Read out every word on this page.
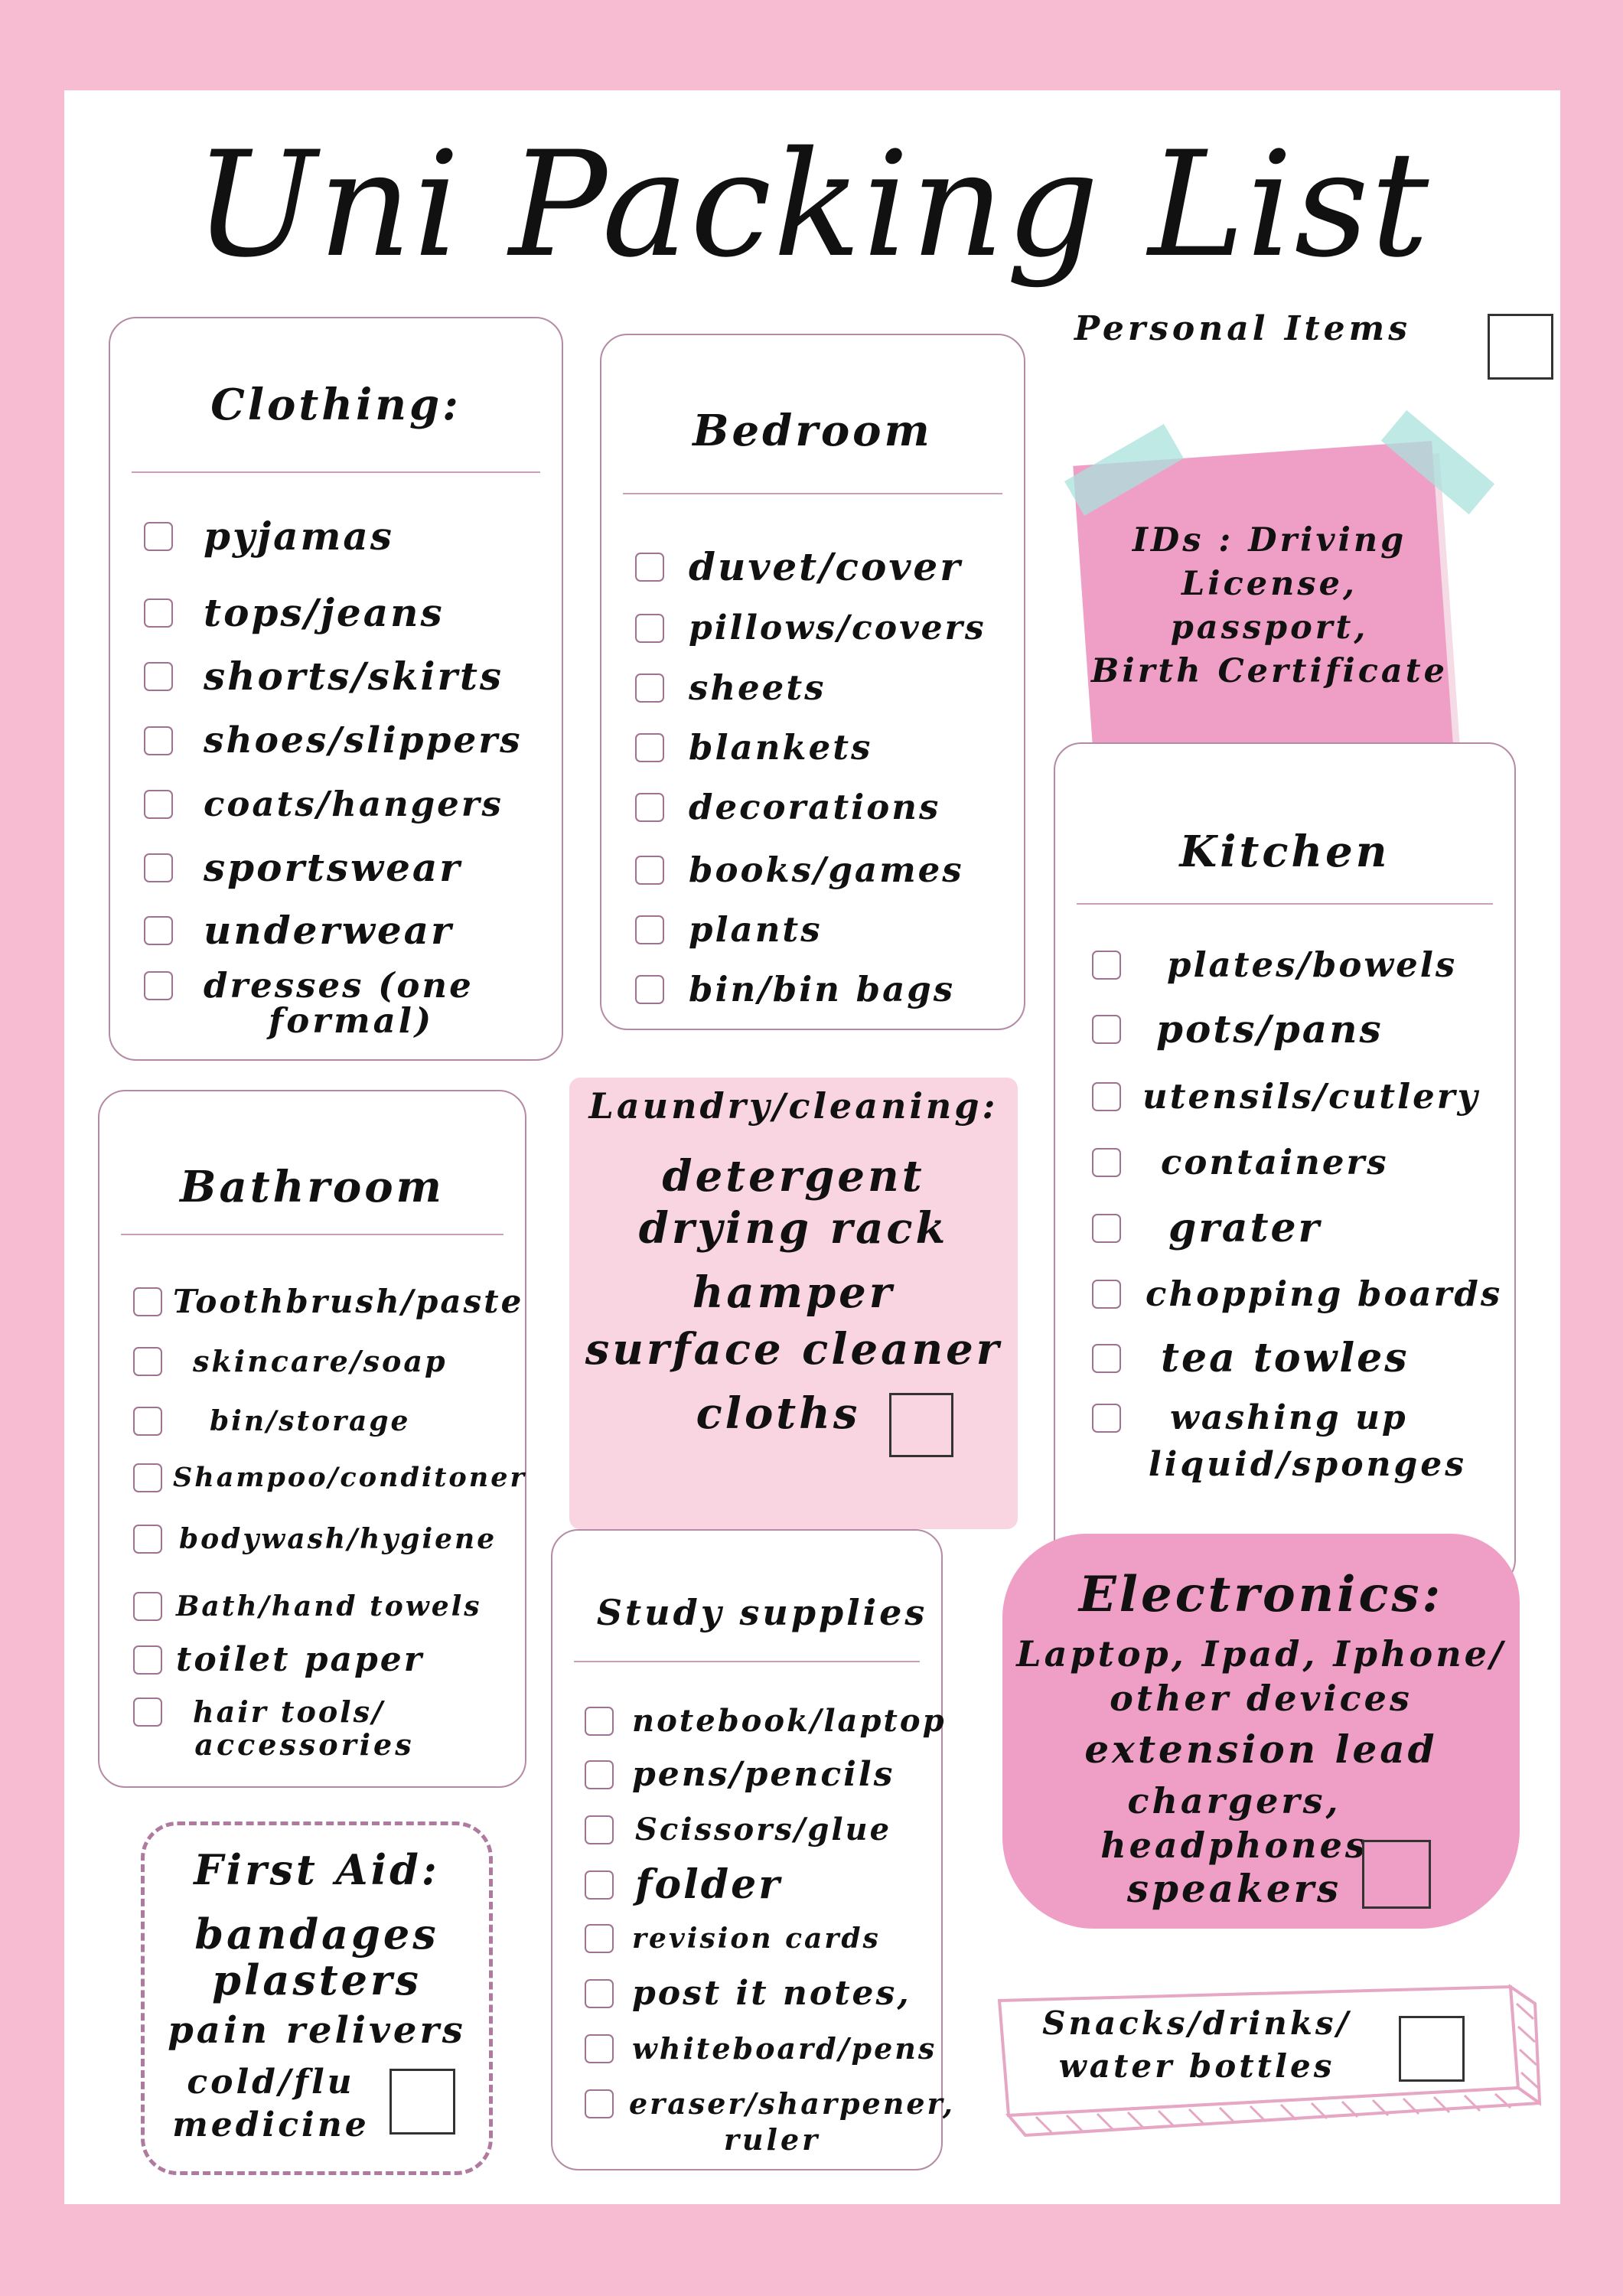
Uni Packing List
Clothing:
pyjamas
tops/jeans
shorts/skirts
shoes/slippers
coats/hangers
sportswear
underwear
dresses (one
formal)
Bedroom
duvet/cover
pillows/covers
sheets
blankets
decorations
books/games
plants
bin/bin bags
Personal Items
IDs : Driving
License,
passport,
Birth Certificate
Kitchen
plates/bowels
pots/pans
utensils/cutlery
containers
grater
chopping boards
tea towles
washing up
liquid/sponges
Bathroom
Toothbrush/paste
skincare/soap
bin/storage
Shampoo/conditoner
bodywash/hygiene
Bath/hand towels
toilet paper
hair tools/
accessories
Laundry/cleaning:
detergent
drying rack
hamper
surface cleaner
cloths
Study supplies
notebook/laptop
pens/pencils
Scissors/glue
folder
revision cards
post it notes,
whiteboard/pens
eraser/sharpener,
ruler
Electronics:
Laptop, Ipad, Iphone/
other devices
extension lead
chargers,
headphones
speakers
First Aid:
bandages
plasters
pain relivers
cold/flu
medicine
Snacks/drinks/
water bottles
